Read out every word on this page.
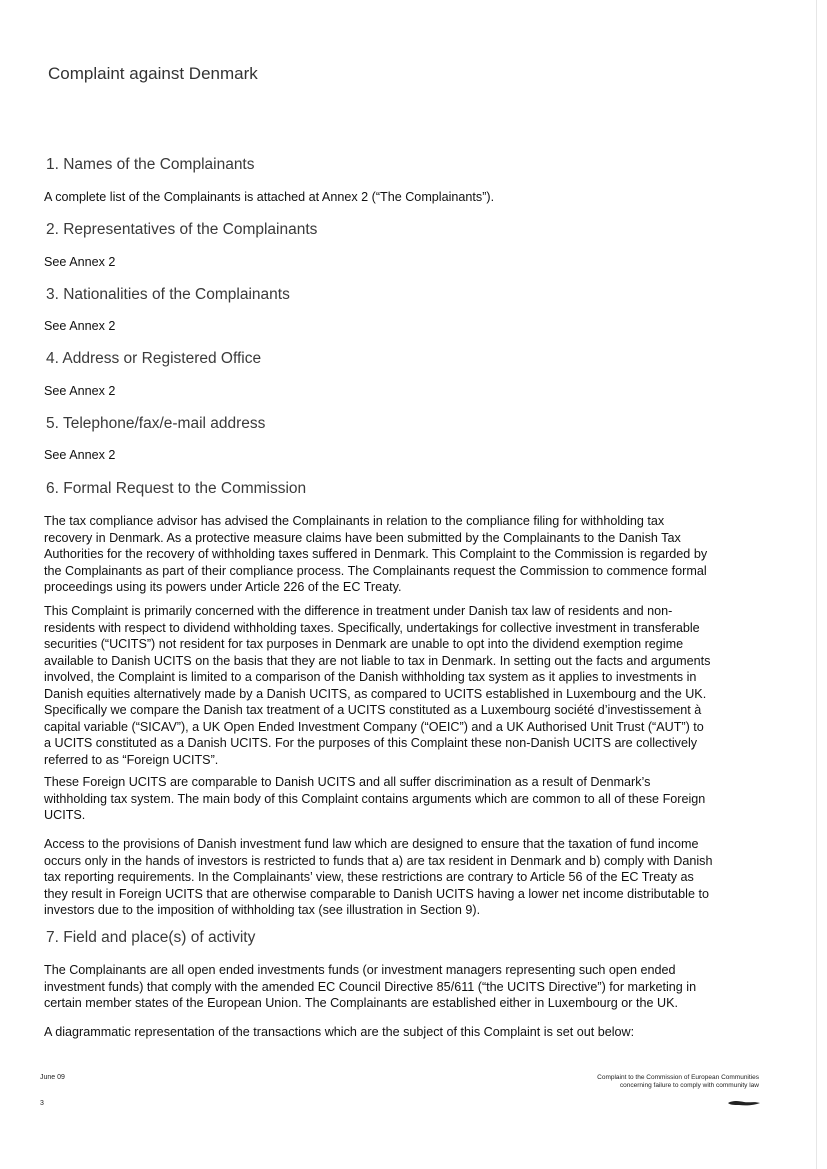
Complaint against Denmark
1. Names of the Complainants
A complete list of the Complainants is attached at Annex 2 (“The Complainants”).
2. Representatives of the Complainants
See Annex 2
3. Nationalities of the Complainants
See Annex 2
4. Address or Registered Office
See Annex 2
5. Telephone/fax/e-mail address
See Annex 2
6. Formal Request to the Commission
The tax compliance advisor has advised the Complainants in relation to the compliance filing for withholding tax
recovery in Denmark. As a protective measure claims have been submitted by the Complainants to the Danish Tax
Authorities for the recovery of withholding taxes suffered in Denmark. This Complaint to the Commission is regarded by
the Complainants as part of their compliance process. The Complainants request the Commission to commence formal
proceedings using its powers under Article 226 of the EC Treaty.
This Complaint is primarily concerned with the difference in treatment under Danish tax law of residents and non-
residents with respect to dividend withholding taxes. Specifically, undertakings for collective investment in transferable
securities (“UCITS”) not resident for tax purposes in Denmark are unable to opt into the dividend exemption regime
available to Danish UCITS on the basis that they are not liable to tax in Denmark. In setting out the facts and arguments
involved, the Complaint is limited to a comparison of the Danish withholding tax system as it applies to investments in
Danish equities alternatively made by a Danish UCITS, as compared to UCITS established in Luxembourg and the UK.
Specifically we compare the Danish tax treatment of a UCITS constituted as a Luxembourg société d’investissement à
capital variable (“SICAV”), a UK Open Ended Investment Company (“OEIC”) and a UK Authorised Unit Trust (“AUT”) to
a UCITS constituted as a Danish UCITS. For the purposes of this Complaint these non-Danish UCITS are collectively
referred to as “Foreign UCITS”.
These Foreign UCITS are comparable to Danish UCITS and all suffer discrimination as a result of Denmark’s
withholding tax system. The main body of this Complaint contains arguments which are common to all of these Foreign
UCITS.
Access to the provisions of Danish investment fund law which are designed to ensure that the taxation of fund income
occurs only in the hands of investors is restricted to funds that a) are tax resident in Denmark and b) comply with Danish
tax reporting requirements. In the Complainants’ view, these restrictions are contrary to Article 56 of the EC Treaty as
they result in Foreign UCITS that are otherwise comparable to Danish UCITS having a lower net income distributable to
investors due to the imposition of withholding tax (see illustration in Section 9).
7. Field and place(s) of activity
The Complainants are all open ended investments funds (or investment managers representing such open ended
investment funds) that comply with the amended EC Council Directive 85/611 (“the UCITS Directive”) for marketing in
certain member states of the European Union. The Complainants are established either in Luxembourg or the UK.
A diagrammatic representation of the transactions which are the subject of this Complaint is set out below:
June 09
3
Complaint to the Commission of European Communities
concerning failure to comply with community law
